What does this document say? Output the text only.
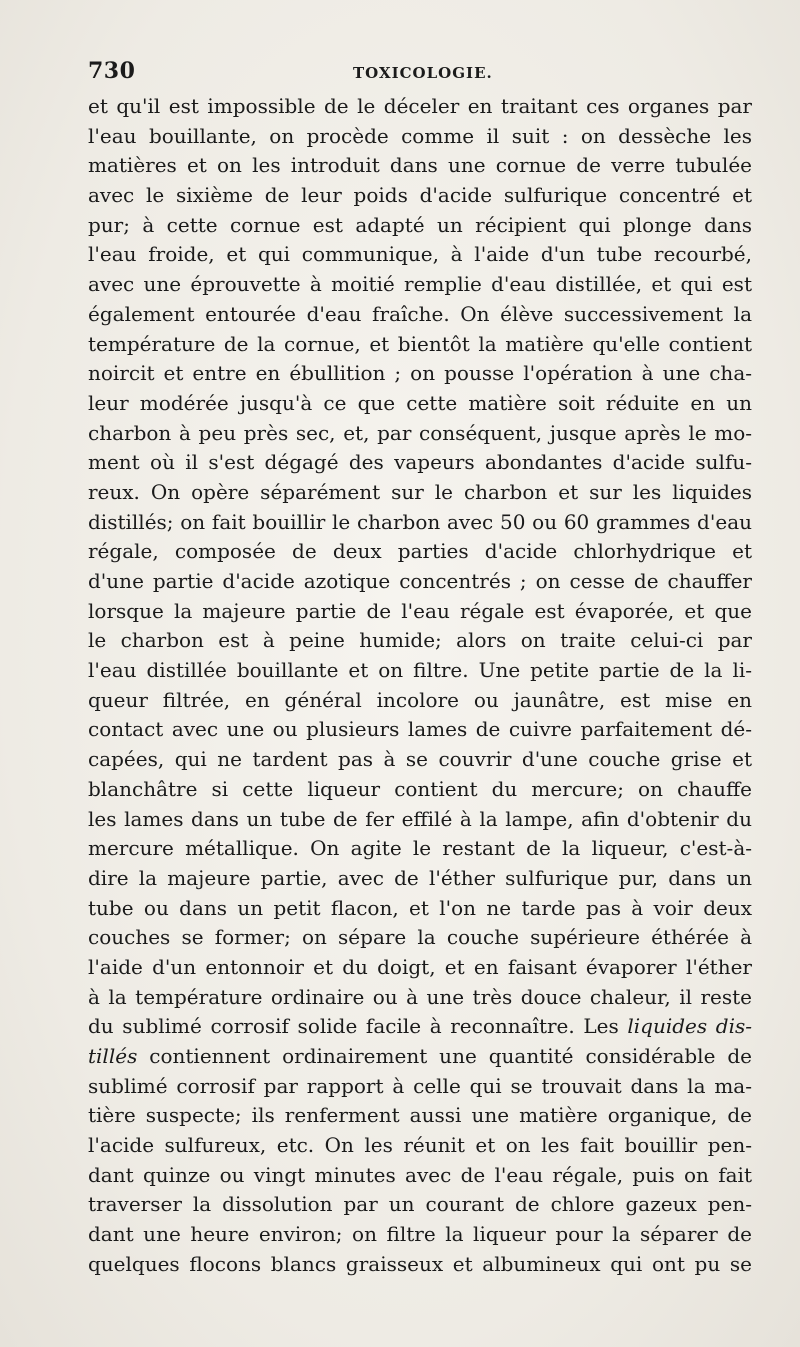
730	TOXICOLOGIE.
et qu'il est impossible de le déceler en traitant ces organes par
l'eau bouillante, on procède comme il suit : on dessèche les
matières et on les introduit dans une cornue de verre tubulée
avec le sixième de leur poids d'acide sulfurique concentré et
pur; à cette cornue est adapté un récipient qui plonge dans
l'eau froide, et qui communique, à l'aide d'un tube recourbé,
avec une éprouvette à moitié remplie d'eau distillée, et qui est
également entourée d'eau fraîche. On élève successivement la
température de la cornue, et bientôt la matière qu'elle contient
noircit et entre en ébullition ; on pousse l'opération à une cha-
leur modérée jusqu'à ce que cette matière soit réduite en un
charbon à peu près sec, et, par conséquent, jusque après le mo-
ment où il s'est dégagé des vapeurs abondantes d'acide sulfu-
reux. On opère séparément sur le charbon et sur les liquides
distillés; on fait bouillir le charbon avec 50 ou 60 grammes d'eau
régale, composée de deux parties d'acide chlorhydrique et
d'une partie d'acide azotique concentrés ; on cesse de chauffer
lorsque la majeure partie de l'eau régale est évaporée, et que
le charbon est à peine humide; alors on traite celui-ci par
l'eau distillée bouillante et on filtre. Une petite partie de la li-
queur filtrée, en général incolore ou jaunâtre, est mise en
contact avec une ou plusieurs lames de cuivre parfaitement dé-
capées, qui ne tardent pas à se couvrir d'une couche grise et
blanchâtre si cette liqueur contient du mercure; on chauffe
les lames dans un tube de fer effilé à la lampe, afin d'obtenir du
mercure métallique. On agite le restant de la liqueur, c'est-à-
dire la majeure partie, avec de l'éther sulfurique pur, dans un
tube ou dans un petit flacon, et l'on ne tarde pas à voir deux
couches se former; on sépare la couche supérieure éthérée à
l'aide d'un entonnoir et du doigt, et en faisant évaporer l'éther
à la température ordinaire ou à une très douce chaleur, il reste
du sublimé corrosif solide facile à reconnaître. Les liquides dis-
tillés contiennent ordinairement une quantité considérable de
sublimé corrosif par rapport à celle qui se trouvait dans la ma-
tière suspecte; ils renferment aussi une matière organique, de
l'acide sulfureux, etc. On les réunit et on les fait bouillir pen-
dant quinze ou vingt minutes avec de l'eau régale, puis on fait
traverser la dissolution par un courant de chlore gazeux pen-
dant une heure environ; on filtre la liqueur pour la séparer de
quelques flocons blancs graisseux et albumineux qui ont pu se
